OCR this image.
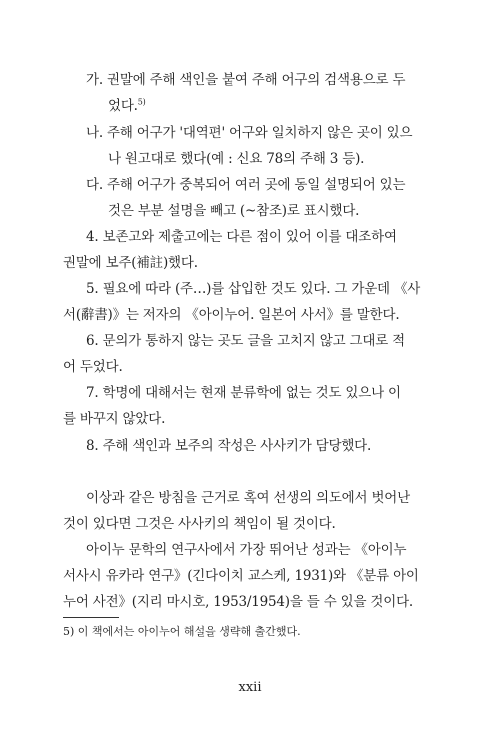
가. 권말에 주해 색인을 붙여 주해 어구의 검색용으로 두
었다.$^{5)}$
나. 주해 어구가 '대역편' 어구와 일치하지 않은 곳이 있으
나 원고대로 했다(예 : 신요 78의 주해 3 등).
다. 주해 어구가 중복되어 여러 곳에 동일 설명되어 있는
것은 부분 설명을 빼고 (~참조)로 표시했다.
4. 보존고와 제출고에는 다른 점이 있어 이를 대조하여
권말에 보주(補註)했다.
5. 필요에 따라 (주…)를 삽입한 것도 있다. 그 가운데 《사
서(辭書)》는 저자의 《아이누어. 일본어 사서》를 말한다.
6. 문의가 통하지 않는 곳도 글을 고치지 않고 그대로 적
어 두었다.
7. 학명에 대해서는 현재 분류학에 없는 것도 있으나 이
를 바꾸지 않았다.
8. 주해 색인과 보주의 작성은 사사키가 담당했다.
이상과 같은 방침을 근거로 혹여 선생의 의도에서 벗어난
것이 있다면 그것은 사사키의 책임이 될 것이다.
아이누 문학의 연구사에서 가장 뛰어난 성과는 《아이누
서사시 유카라 연구》(긴다이치 교스케, 1931)와 《분류 아이
누어 사전》(지리 마시호, 1953/1954)을 들 수 있을 것이다.
5) 이 책에서는 아이누어 해설을 생략해 출간했다.
xxii
